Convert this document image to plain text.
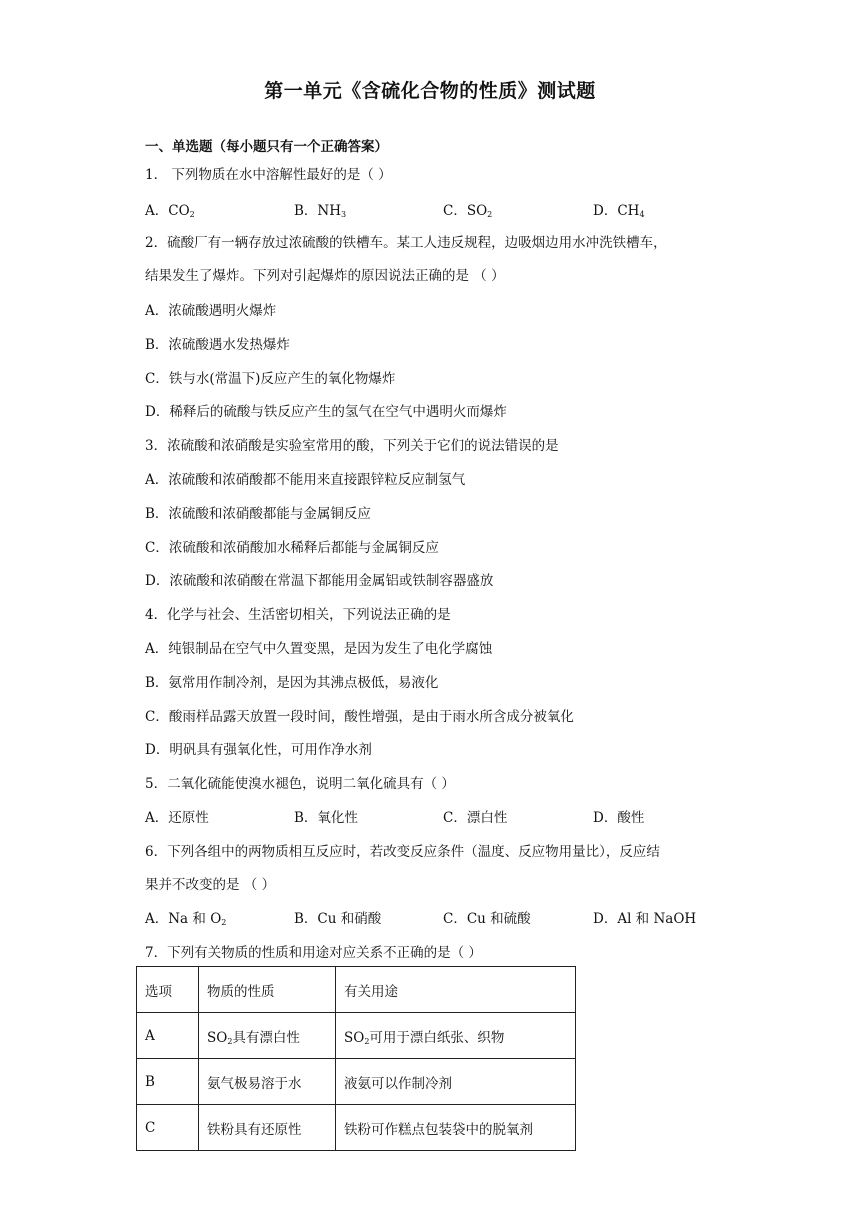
第一单元《含硫化合物的性质》测试题
一、单选题（每小题只有一个正确答案）
1． 下列物质在水中溶解性最好的是（ ）
A．$CO_2$	B．$NH_3$	C．$SO_2$	D．$CH_4$
2．硫酸厂有一辆存放过浓硫酸的铁槽车。某工人违反规程，边吸烟边用水冲洗铁槽车，
结果发生了爆炸。下列对引起爆炸的原因说法正确的是 （ ）
A．浓硫酸遇明火爆炸
B．浓硫酸遇水发热爆炸
C．铁与水(常温下)反应产生的氧化物爆炸
D．稀释后的硫酸与铁反应产生的氢气在空气中遇明火而爆炸
3．浓硫酸和浓硝酸是实验室常用的酸，下列关于它们的说法错误的是
A．浓硫酸和浓硝酸都不能用来直接跟锌粒反应制氢气
B．浓硫酸和浓硝酸都能与金属铜反应
C．浓硫酸和浓硝酸加水稀释后都能与金属铜反应
D．浓硫酸和浓硝酸在常温下都能用金属铝或铁制容器盛放
4．化学与社会、生活密切相关，下列说法正确的是
A．纯银制品在空气中久置变黑，是因为发生了电化学腐蚀
B．氨常用作制冷剂，是因为其沸点极低，易液化
C．酸雨样品露天放置一段时间，酸性增强，是由于雨水所含成分被氧化
D．明矾具有强氧化性，可用作净水剂
5．二氧化硫能使溴水褪色，说明二氧化硫具有（ ）
A．还原性	B．氧化性	C．漂白性	D．酸性
6．下列各组中的两物质相互反应时，若改变反应条件（温度、反应物用量比），反应结
果并不改变的是 （ ）
A．Na 和 $O_2$	B．Cu 和硝酸	C．Cu 和硫酸	D．Al 和 NaOH
7．下列有关物质的性质和用途对应关系不正确的是（ ）
选项	物质的性质	有关用途
A	$SO_2$具有漂白性	$SO_2$可用于漂白纸张、织物
B	氨气极易溶于水	液氨可以作制冷剂
C	铁粉具有还原性	铁粉可作糕点包装袋中的脱氧剂
